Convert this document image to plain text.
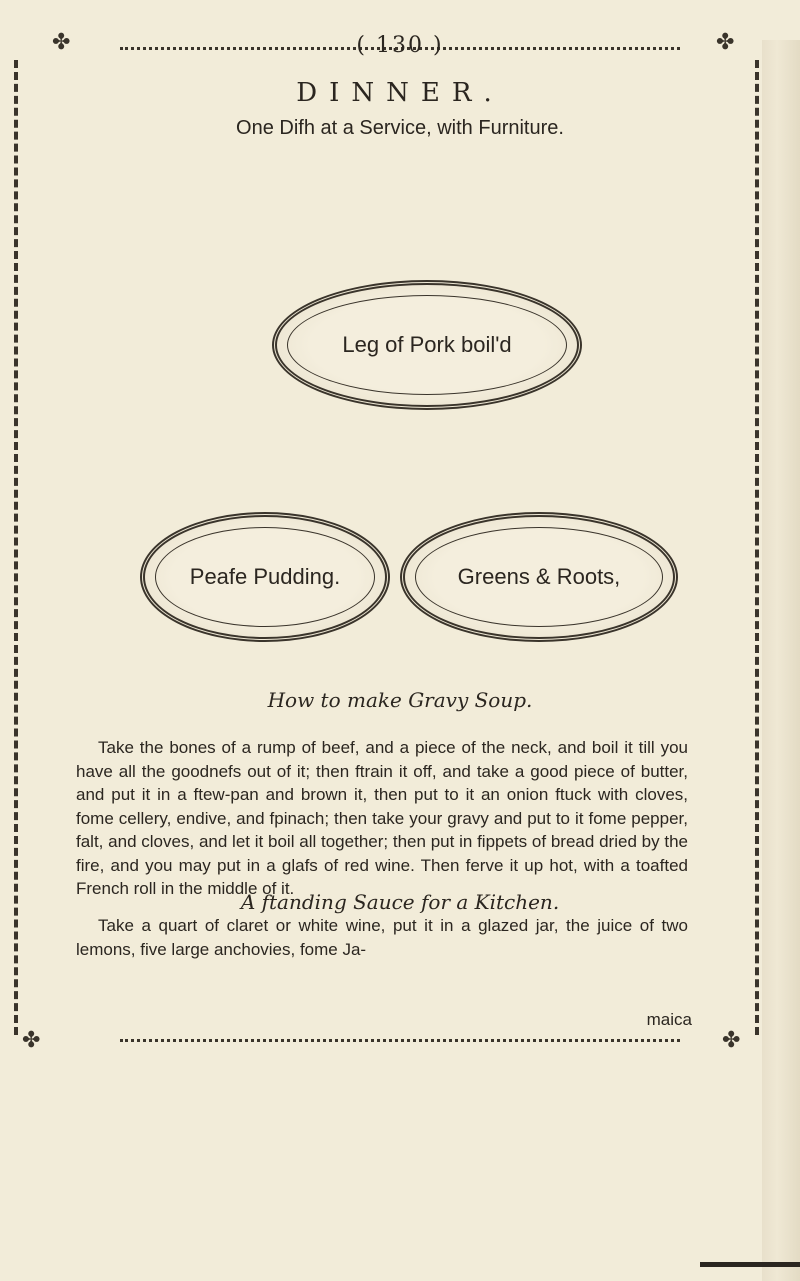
✤	✤
✤	✤
( 130 )
DINNER.
One Difh at a Service, with Furniture.
Leg of Pork boil'd
Peafe Pudding.	Greens & Roots,
How to make Gravy Soup.
Take the bones of a rump of beef, and a piece of the neck, and boil it till you have all the goodnefs out of it; then ftrain it off, and take a good piece of butter, and put it in a ftew-pan and brown it, then put to it an onion ftuck with cloves, fome cellery, endive, and fpinach; then take your gravy and put to it fome pepper, falt, and cloves, and let it boil all together; then put in fippets of bread dried by the fire, and you may put in a glafs of red wine. Then ferve it up hot, with a toafted French roll in the middle of it.
A ftanding Sauce for a Kitchen.
Take a quart of claret or white wine, put it in a glazed jar, the juice of two lemons, five large anchovies, fome Ja-
maica
